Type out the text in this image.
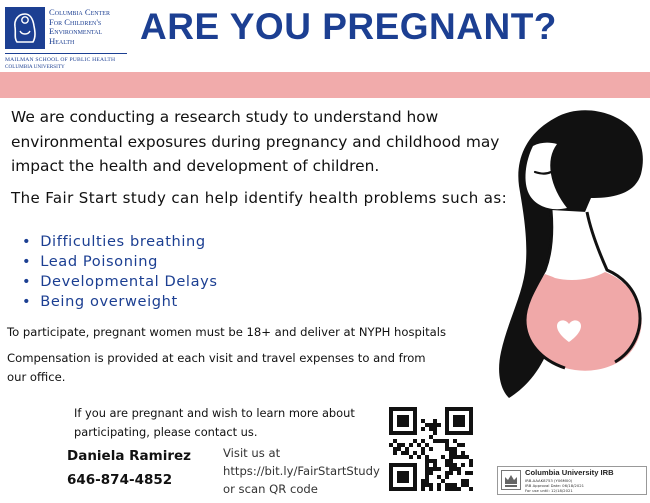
Columbia Center
For Children's
Environmental
Health
MAILMAN SCHOOL OF PUBLIC HEALTH
COLUMBIA UNIVERSITY
ARE YOU PREGNANT?
We are conducting a research study to understand how environmental exposures during pregnancy and childhood may impact the health and development of children.
The Fair Start study can help identify health problems such as:
• Difficulties breathing
• Lead Poisoning
• Developmental Delays
• Being overweight
To participate, pregnant women must be 18+ and deliver at NYPH hospitals
Compensation is provided at each visit and travel expenses to and from our office.
If you are pregnant and wish to learn more about participating, please contact us.
Daniela Ramirez
646-874-4852
Visit us at https://bit.ly/FairStartStudy or scan QR code
Columbia University IRB
IRB-AAAK8753 (Y06M00)
IRB Approval Date: 06/18/2021
For use until: 12/18/2021
